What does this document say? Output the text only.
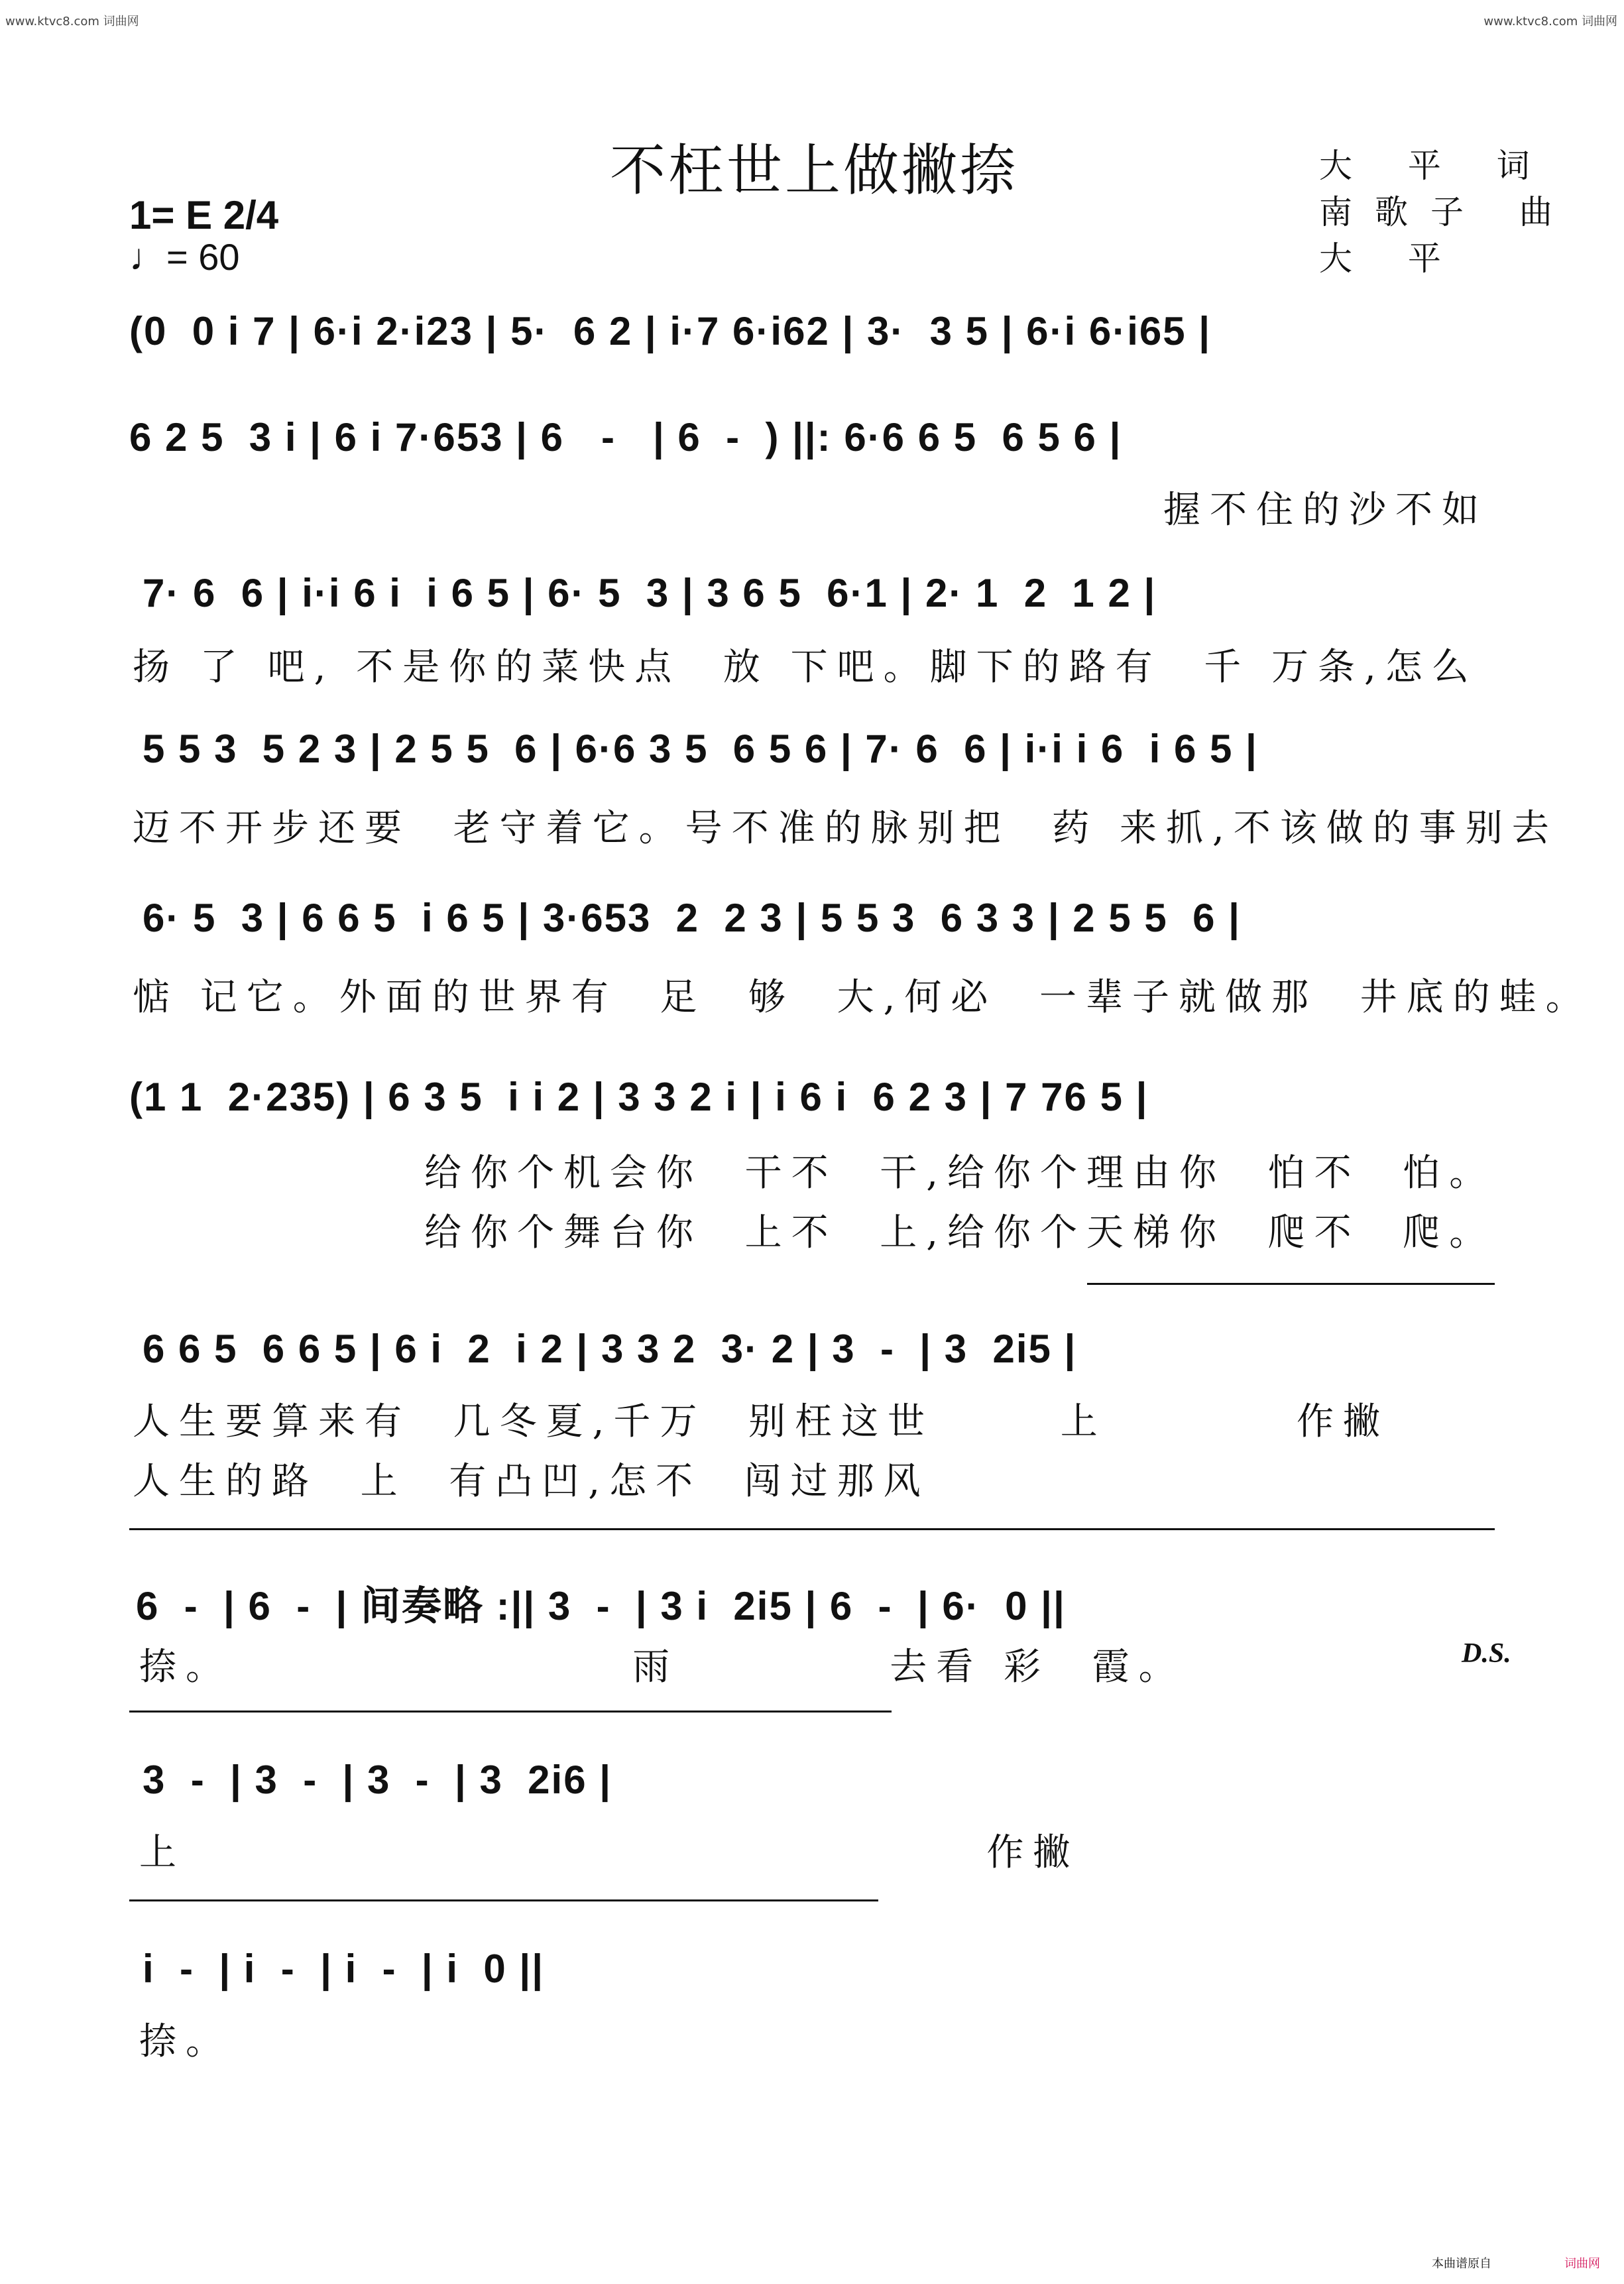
www.ktvc8.com 词曲网	www.ktvc8.com 词曲网
不枉世上做撇捺	大 平 词
南歌子 曲
大 平
1= E 2/4
♩= 60
(0  0 i 7 | 6·i 2·i23 | 5·  6 2 | i·7 6·i62 | 3·  3 5 | 6·i 6·i65 |
6 2 5  3 i | 6 i 7·653 | 6   -   | 6  -  ) ||: 6·6 6 5  6 5 6 |
握不住的沙不如
7· 6  6 | i·i 6 i  i 6 5 | 6· 5  3 | 3 6 5  6·1 | 2· 1  2  1 2 |
扬 了 吧, 不是你的菜快点  放 下吧。脚下的路有  千 万条,怎么
5 5 3  5 2 3 | 2 5 5  6 | 6·6 3 5  6 5 6 | 7· 6  6 | i·i i 6  i 6 5 |
迈不开步还要  老守着它。号不准的脉别把  药 来抓,不该做的事别去
6· 5  3 | 6 6 5  i 6 5 | 3·653  2  2 3 | 5 5 3  6 3 3 | 2 5 5  6 |
惦 记它。外面的世界有  足  够  大,何必  一辈子就做那  井底的蛙。
(1 1  2·235) | 6 3 5  i i 2 | 3 3 2 i | i 6 i  6 2 3 | 7 76 5 |
给你个机会你  干不  干,给你个理由你  怕不  怕。
给你个舞台你  上不  上,给你个天梯你  爬不  爬。
6 6 5  6 6 5 | 6 i  2  i 2 | 3 3 2  3· 2 | 3  -  | 3  2i5 |
人生要算来有  几冬夏,千万  别枉这世      上         作撇
人生的路  上  有凸凹,怎不  闯过那风
6  -  | 6  -  | 间奏略 :|| 3  -  | 3 i  2i5 | 6  -  | 6·  0 ||
捺。                   雨          去看 彩  霞。	D.S.
3  -  | 3  -  | 3  -  | 3  2i6 |
上                                      作撇
i  -  | i  -  | i  -  | i  0 ||
捺。
本曲谱原自	词曲网
